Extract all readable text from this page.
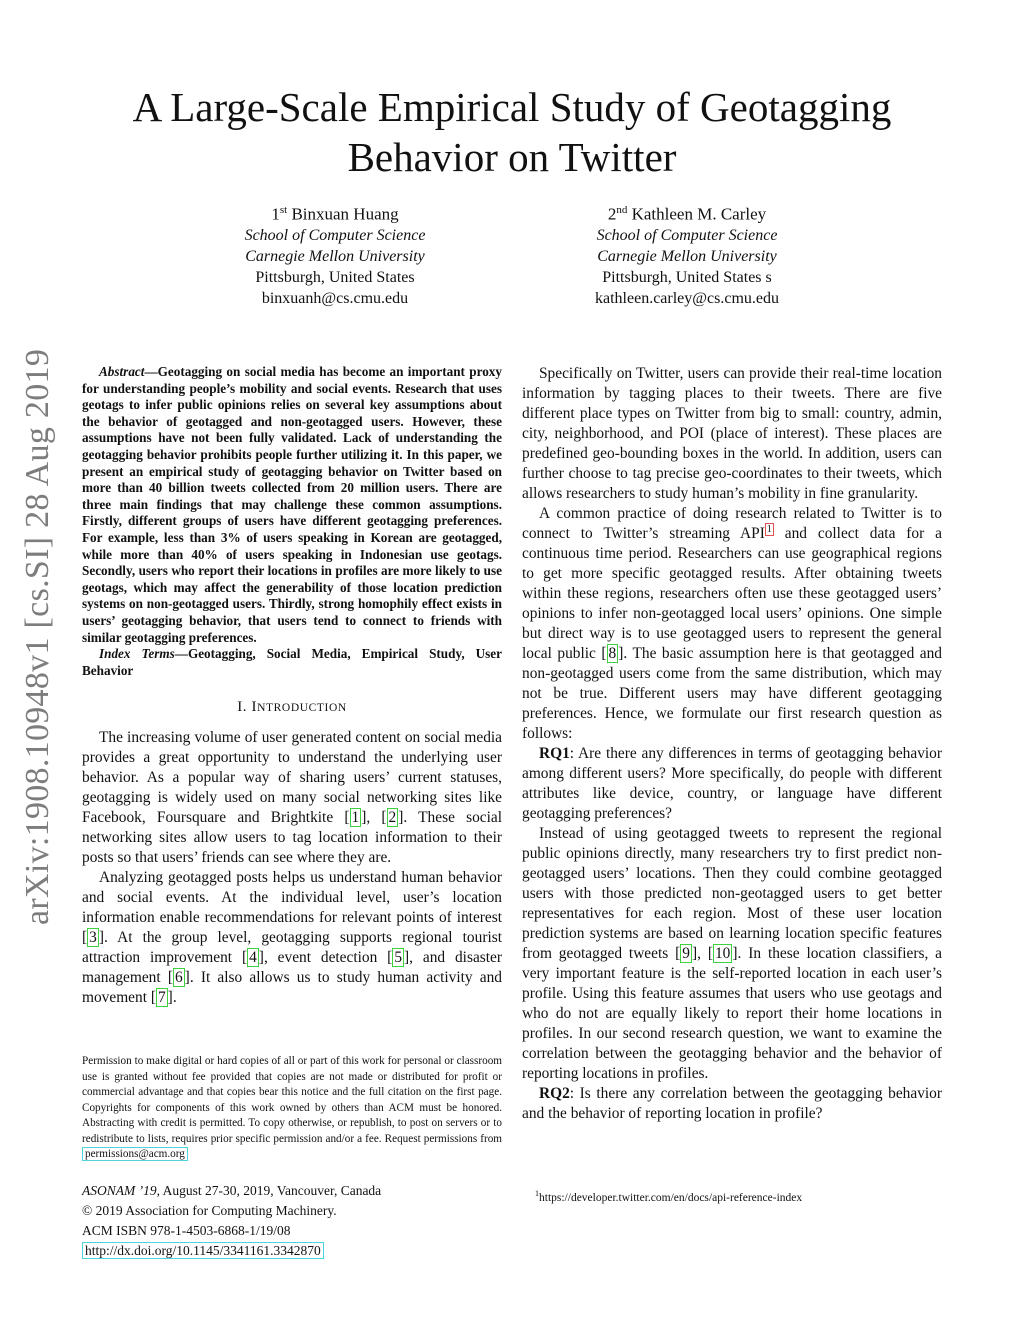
arXiv:1908.10948v1 [cs.SI] 28 Aug 2019
A Large-Scale Empirical Study of Geotagging Behavior on Twitter
1st Binxuan Huang
School of Computer Science
Carnegie Mellon University
Pittsburgh, United States
binxuanh@cs.cmu.edu
2nd Kathleen M. Carley
School of Computer Science
Carnegie Mellon University
Pittsburgh, United States s
kathleen.carley@cs.cmu.edu

Abstract—Geotagging on social media has become an important proxy for understanding people’s mobility and social events. Research that uses geotags to infer public opinions relies on several key assumptions about the behavior of geotagged and non-geotagged users. However, these assumptions have not been fully validated. Lack of understanding the geotagging behavior prohibits people further utilizing it. In this paper, we present an empirical study of geotagging behavior on Twitter based on more than 40 billion tweets collected from 20 million users. There are three main findings that may challenge these common assumptions. Firstly, different groups of users have different geotagging preferences. For example, less than 3% of users speaking in Korean are geotagged, while more than 40% of users speaking in Indonesian use geotags. Secondly, users who report their locations in profiles are more likely to use geotags, which may affect the generability of those location prediction systems on non-geotagged users. Thirdly, strong homophily effect exists in users’ geotagging behavior, that users tend to connect to friends with similar geotagging preferences.

Index Terms—Geotagging, Social Media, Empirical Study, User Behavior

I. INTRODUCTION

The increasing volume of user generated content on social media provides a great opportunity to understand the underlying user behavior. As a popular way of sharing users’ current statuses, geotagging is widely used on many social networking sites like Facebook, Foursquare and Brightkite [ 1 ], [ 2 ]. These social networking sites allow users to tag location information to their posts so that users’ friends can see where they are.

Analyzing geotagged posts helps us understand human behavior and social events. At the individual level, user’s location information enable recommendations for relevant points of interest [ 3 ]. At the group level, geotagging supports regional tourist attraction improvement [ 4 ], event detection [ 5 ], and disaster management [ 6 ]. It also allows us to study human activity and movement [ 7 ].

Permission to make digital or hard copies of all or part of this work for personal or classroom use is granted without fee provided that copies are not made or distributed for profit or commercial advantage and that copies bear this notice and the full citation on the first page. Copyrights for components of this work owned by others than ACM must be honored. Abstracting with credit is permitted. To copy otherwise, or republish, to post on servers or to redistribute to lists, requires prior specific permission and/or a fee. Request permissions from permissions@acm.org
ASONAM ’19, August 27-30, 2019, Vancouver, Canada
© 2019 Association for Computing Machinery.
ACM ISBN 978-1-4503-6868-1/19/08
http://dx.doi.org/10.1145/3341161.3342870

Specifically on Twitter, users can provide their real-time location information by tagging places to their tweets. There are five different place types on Twitter from big to small: country, admin, city, neighborhood, and POI (place of interest). These places are predefined geo-bounding boxes in the world. In addition, users can further choose to tag precise geo-coordinates to their tweets, which allows researchers to study human’s mobility in fine granularity.

A common practice of doing research related to Twitter is to connect to Twitter’s streaming API $^1$ and collect data for a continuous time period. Researchers can use geographical regions to get more specific geotagged results. After obtaining tweets within these regions, researchers often use these geotagged users’ opinions to infer non-geotagged local users’ opinions. One simple but direct way is to use geotagged users to represent the general local public [ 8 ]. The basic assumption here is that geotagged and non-geotagged users come from the same distribution, which may not be true. Different users may have different geotagging preferences. Hence, we formulate our first research question as follows:

RQ1: Are there any differences in terms of geotagging behavior among different users? More specifically, do people with different attributes like device, country, or language have different geotagging preferences?

Instead of using geotagged tweets to represent the regional public opinions directly, many researchers try to first predict non-geotagged users’ locations. Then they could combine geotagged users with those predicted non-geotagged users to get better representatives for each region. Most of these user location prediction systems are based on learning location specific features from geotagged tweets [ 9 ], [ 10 ]. In these location classifiers, a very important feature is the self-reported location in each user’s profile. Using this feature assumes that users who use geotags and who do not are equally likely to report their home locations in profiles. In our second research question, we want to examine the correlation between the geotagging behavior and the behavior of reporting locations in profiles.

RQ2: Is there any correlation between the geotagging behavior and the behavior of reporting location in profile?

$^1$https://developer.twitter.com/en/docs/api-reference-index
